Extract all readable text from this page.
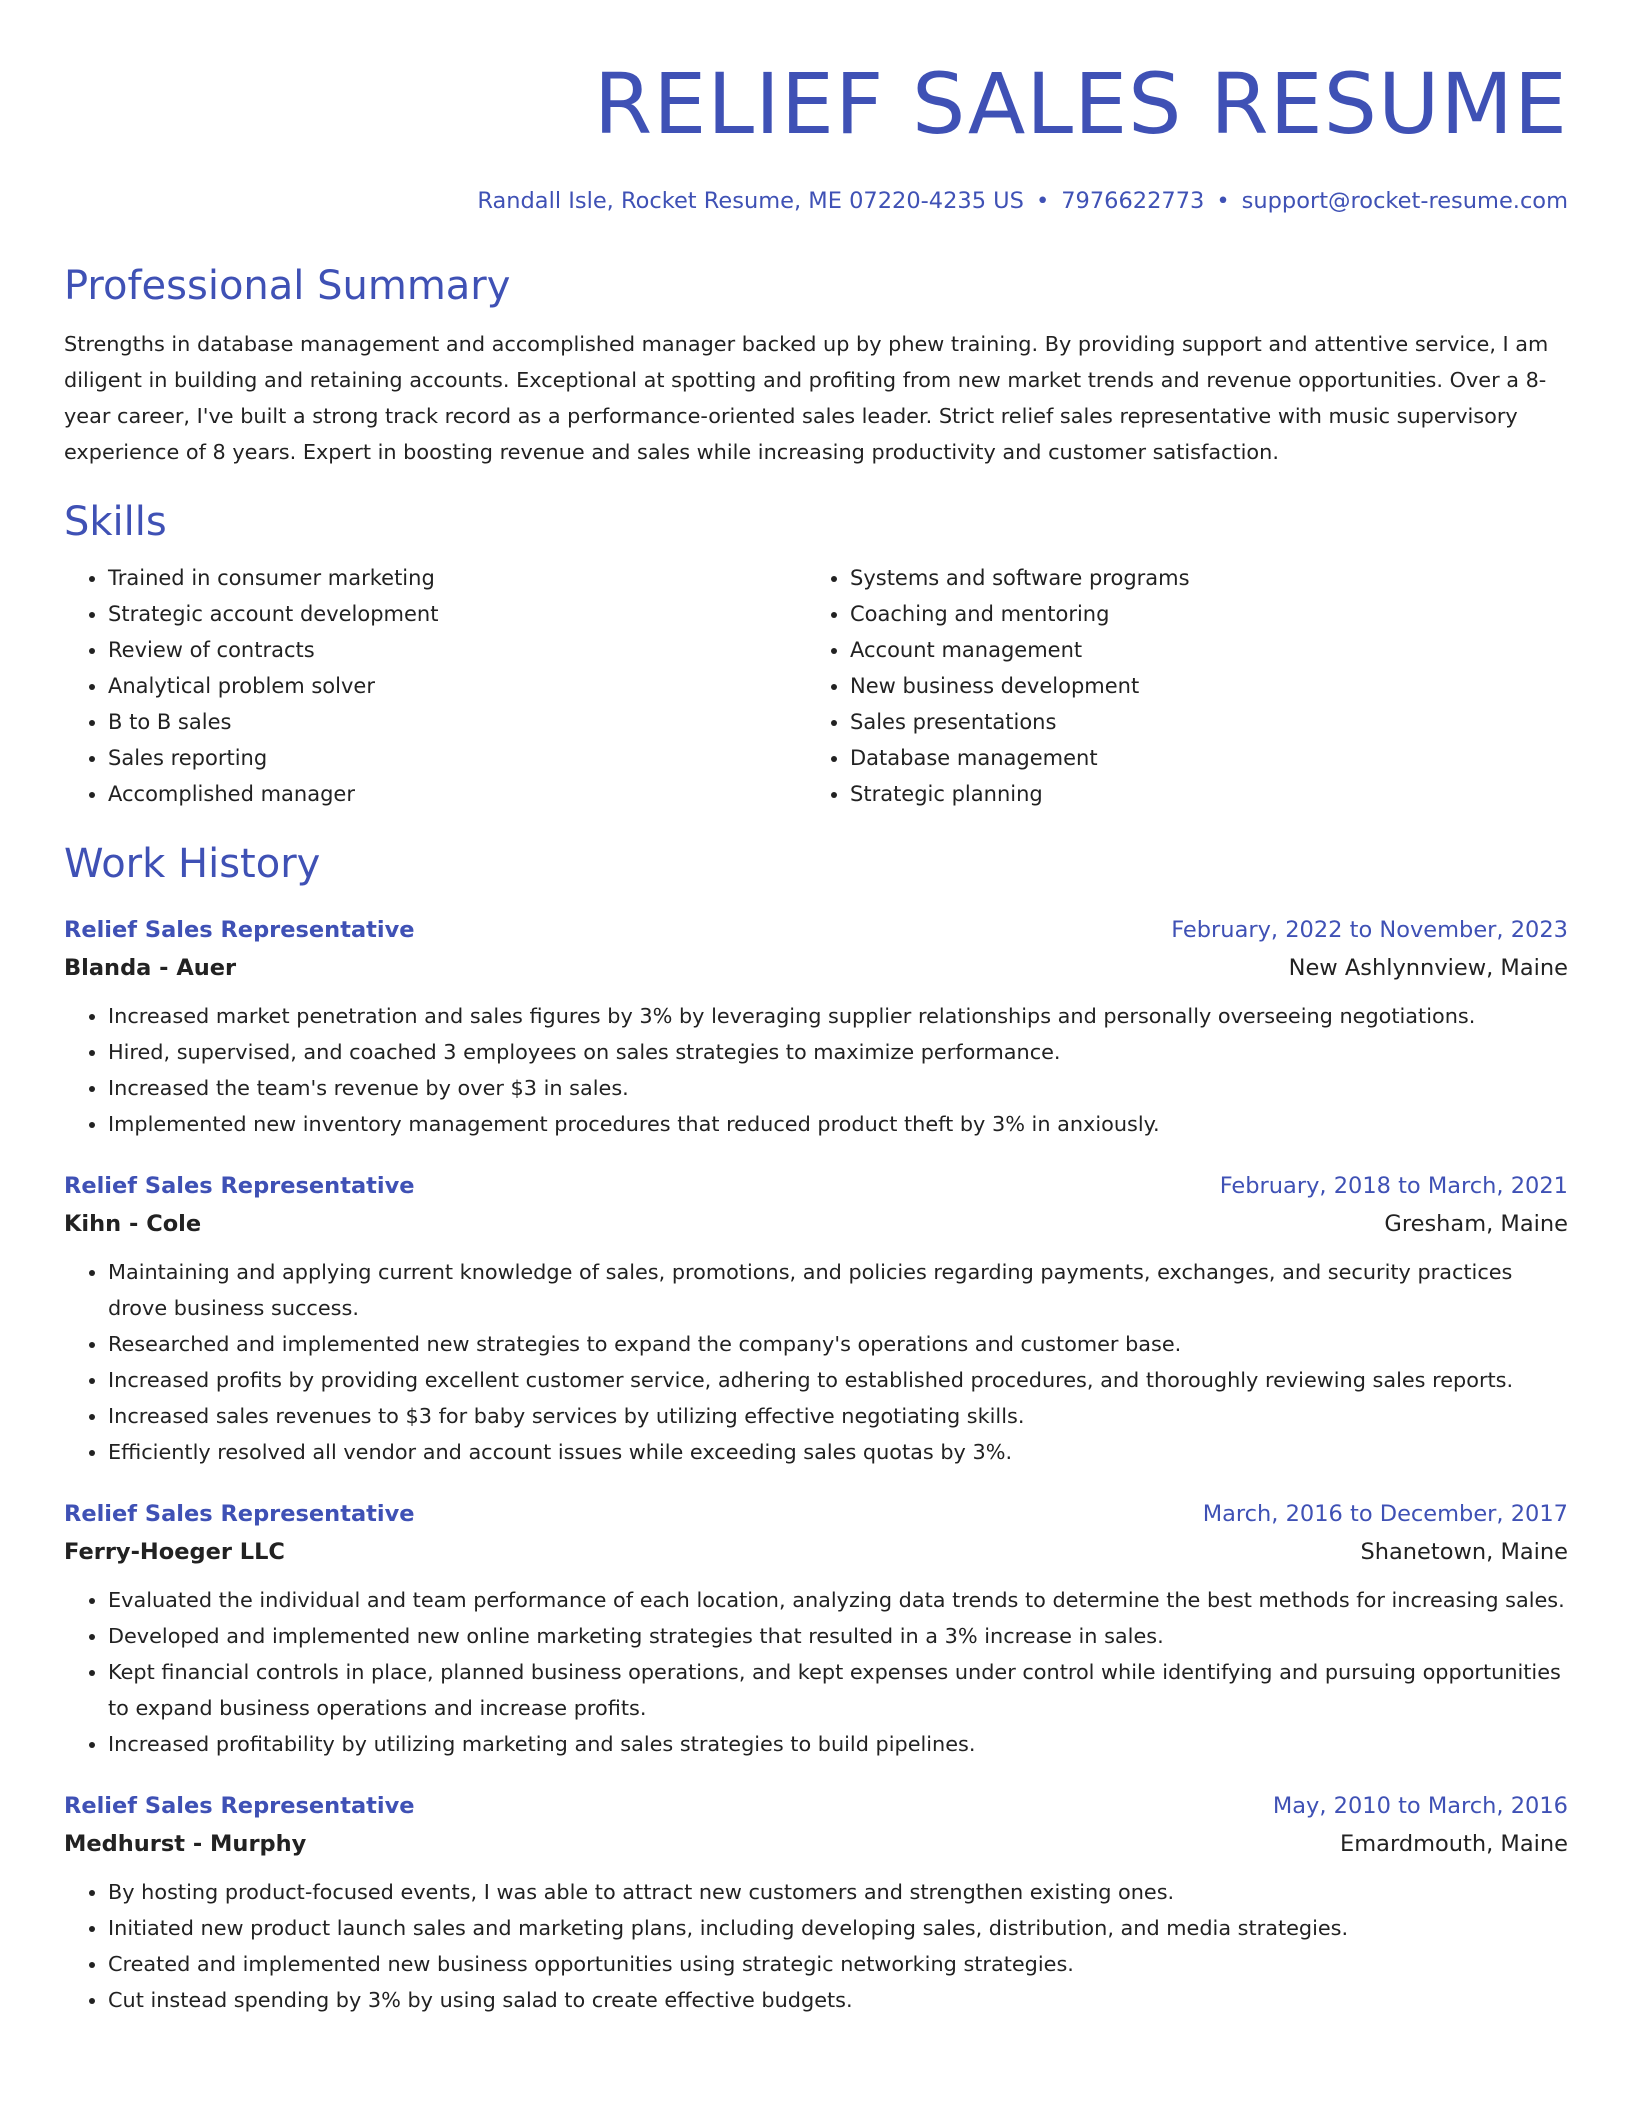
RELIEF SALES RESUME
Randall Isle, Rocket Resume, ME 07220-4235 US • 7976622773 • support@rocket-resume.com
Professional Summary

Strengths in database management and accomplished manager backed up by phew training. By providing support and attentive service, I am diligent in building and retaining accounts. Exceptional at spotting and profiting from new market trends and revenue opportunities. Over a 8-year career, I've built a strong track record as a performance-oriented sales leader. Strict relief sales representative with music supervisory experience of 8 years. Expert in boosting revenue and sales while increasing productivity and customer satisfaction.

Skills
• Trained in consumer marketing
• Strategic account development
• Review of contracts
• Analytical problem solver
• B to B sales
• Sales reporting
• Accomplished manager
• Systems and software programs
• Coaching and mentoring
• Account management
• New business development
• Sales presentations
• Database management
• Strategic planning
Work History
Relief Sales Representative	February, 2022 to November, 2023
Blanda - Auer	New Ashlynnview, Maine
• Increased market penetration and sales figures by 3% by leveraging supplier relationships and personally overseeing negotiations.
• Hired, supervised, and coached 3 employees on sales strategies to maximize performance.
• Increased the team's revenue by over $3 in sales.
• Implemented new inventory management procedures that reduced product theft by 3% in anxiously.
Relief Sales Representative	February, 2018 to March, 2021
Kihn - Cole	Gresham, Maine
• Maintaining and applying current knowledge of sales, promotions, and policies regarding payments, exchanges, and security practices drove business success.
• Researched and implemented new strategies to expand the company's operations and customer base.
• Increased profits by providing excellent customer service, adhering to established procedures, and thoroughly reviewing sales reports.
• Increased sales revenues to $3 for baby services by utilizing effective negotiating skills.
• Efficiently resolved all vendor and account issues while exceeding sales quotas by 3%.
Relief Sales Representative	March, 2016 to December, 2017
Ferry-Hoeger LLC	Shanetown, Maine
• Evaluated the individual and team performance of each location, analyzing data trends to determine the best methods for increasing sales.
• Developed and implemented new online marketing strategies that resulted in a 3% increase in sales.
• Kept financial controls in place, planned business operations, and kept expenses under control while identifying and pursuing opportunities to expand business operations and increase profits.
• Increased profitability by utilizing marketing and sales strategies to build pipelines.
Relief Sales Representative	May, 2010 to March, 2016
Medhurst - Murphy	Emardmouth, Maine
• By hosting product-focused events, I was able to attract new customers and strengthen existing ones.
• Initiated new product launch sales and marketing plans, including developing sales, distribution, and media strategies.
• Created and implemented new business opportunities using strategic networking strategies.
• Cut instead spending by 3% by using salad to create effective budgets.
